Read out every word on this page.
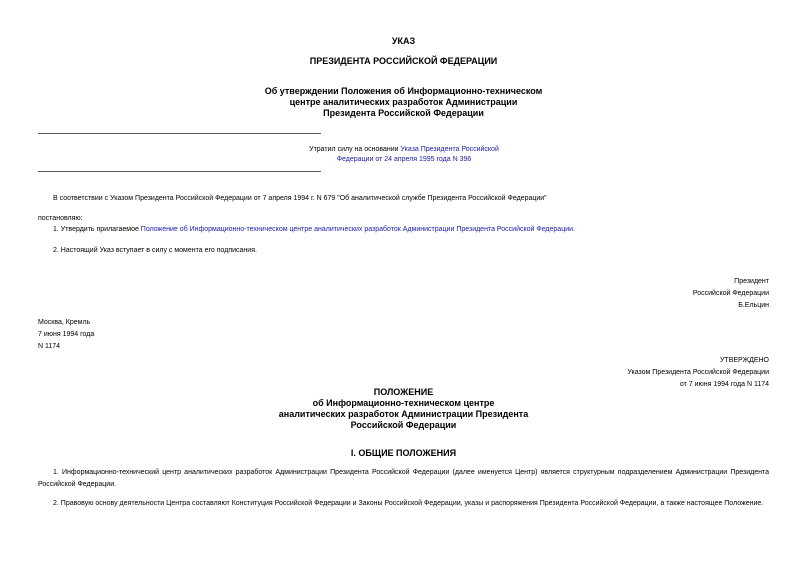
УКАЗ
ПРЕЗИДЕНТА РОССИЙСКОЙ ФЕДЕРАЦИИ
Об утверждении Положения об Информационно-техническом
центре аналитических разработок Администрации
Президента Российской Федерации
Утратил силу на основании Указа Президента Российской
Федерации от 24 апреля 1995 года N 396
В соответствии с Указом Президента Российской Федерации от 7 апреля 1994 г. N 679 "Об аналитической службе Президента Российской Федерации"
постановляю:
1. Утвердить прилагаемое Положение об Информационно-техническом центре аналитических разработок Администрации Президента Российской Федерации.
2. Настоящий Указ вступает в силу с момента его подписания.
Президент
Российской Федерации
Б.Ельцин
Москва, Кремль
7 июня 1994 года
N 1174
УТВЕРЖДЕНО
Указом Президента Российской Федерации
от 7 июня 1994 года N 1174
ПОЛОЖЕНИЕ
об Информационно-техническом центре
аналитических разработок Администрации Президента
Российской Федерации
I. ОБЩИЕ ПОЛОЖЕНИЯ
1. Информационно-технический центр аналитических разработок Администрации Президента Российской Федерации (далее именуется Центр) является структурным подразделением Администрации Президента Российской Федерации.
2. Правовую основу деятельности Центра составляют Конституция Российской Федерации и Законы Российской Федерации, указы и распоряжения Президента Российской Федерации, а также настоящее Положение.
